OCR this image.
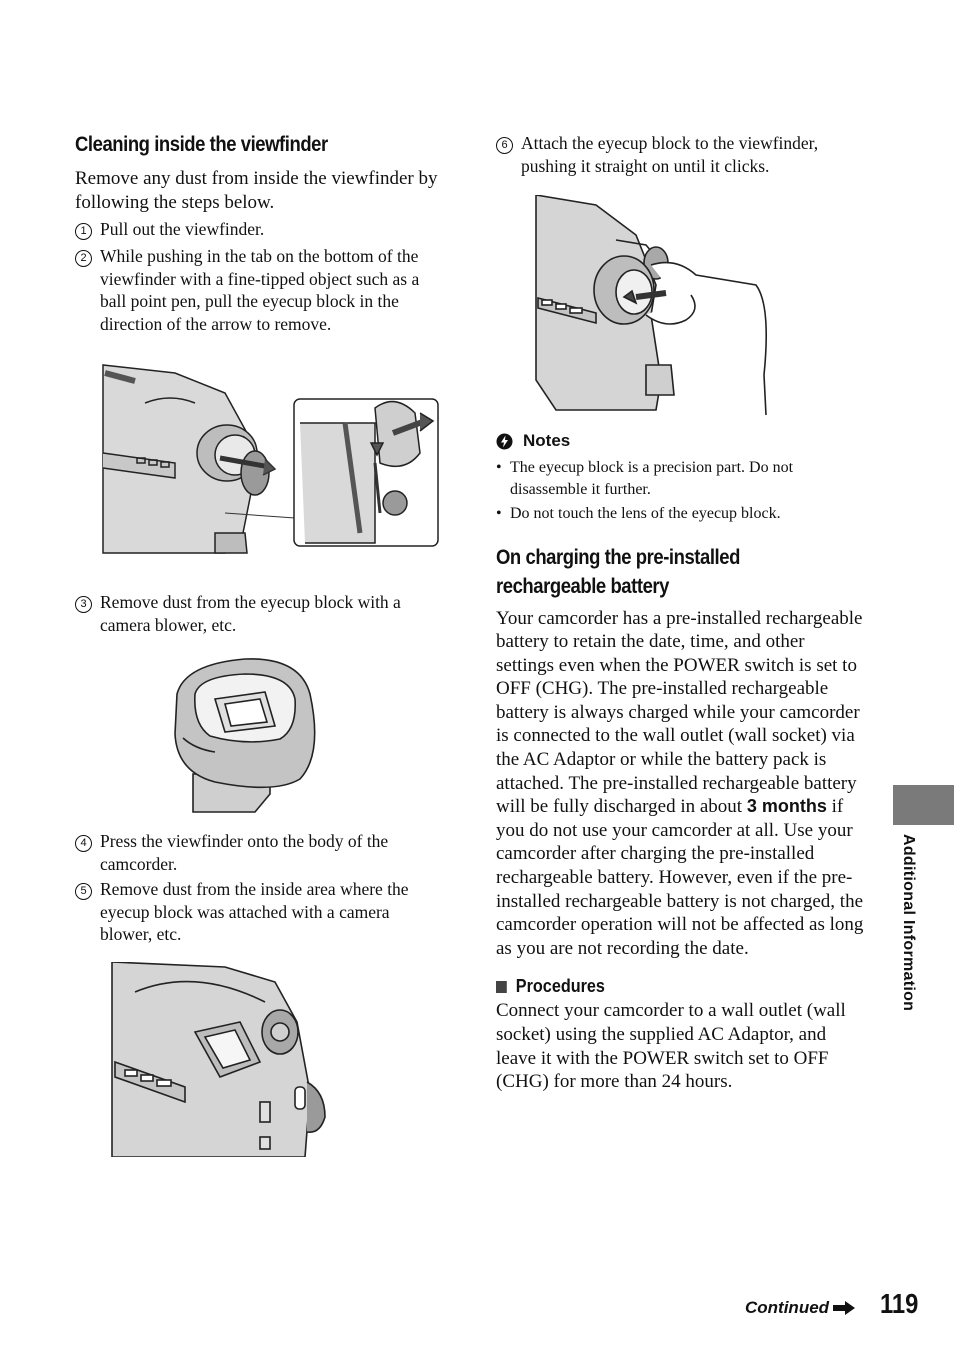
Cleaning inside the viewfinder

Remove any dust from inside the viewfinder by following the steps below.

1 Pull out the viewfinder.
2 While pushing in the tab on the bottom of the viewfinder with a fine-tipped object such as a ball point pen, pull the eyecup block in the direction of the arrow to remove.
3 Remove dust from the eyecup block with a camera blower, etc.
4 Press the viewfinder onto the body of the camcorder.
5 Remove dust from the inside area where the eyecup block was attached with a camera blower, etc.
6 Attach the eyecup block to the viewfinder, pushing it straight on until it clicks.
Notes
• The eyecup block is a precision part. Do not disassemble it further.
• Do not touch the lens of the eyecup block.
On charging the pre-installed
rechargeable battery

Your camcorder has a pre-installed rechargeable battery to retain the date, time, and other settings even when the POWER switch is set to OFF (CHG). The pre-installed rechargeable battery is always charged while your camcorder is connected to the wall outlet (wall socket) via the AC Adaptor or while the battery pack is attached. The pre-installed rechargeable battery will be fully discharged in about 3 months if you do not use your camcorder at all. Use your camcorder after charging the pre-installed rechargeable battery. However, even if the pre-installed rechargeable battery is not charged, the camcorder operation will not be affected as long as you are not recording the date.

Procedures

Connect your camcorder to a wall outlet (wall socket) using the supplied AC Adaptor, and leave it with the POWER switch set to OFF (CHG) for more than 24 hours.

Additional Information
Continued 119
